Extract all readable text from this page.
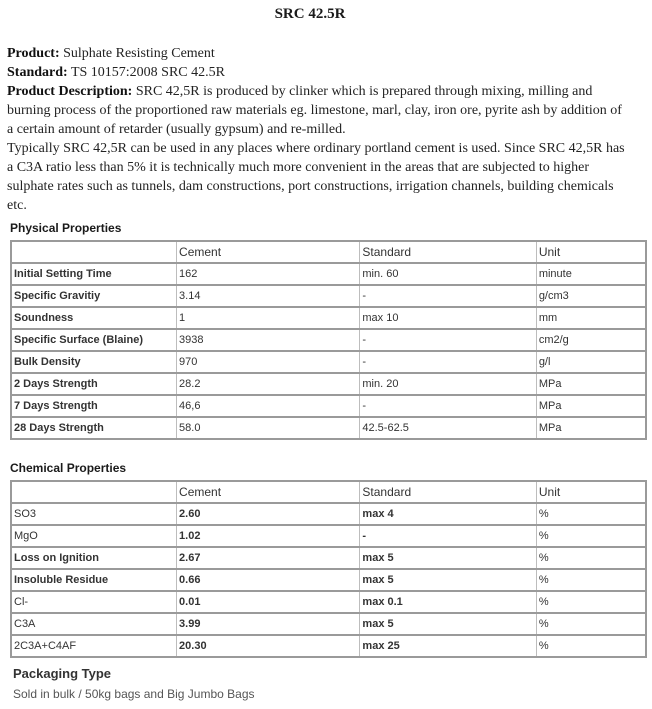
SRC 42.5R

Product: Sulphate Resisting Cement

Standard: TS 10157:2008 SRC 42.5R

Product Description: SRC 42,5R is produced by clinker which is prepared through mixing, milling and burning process of the proportioned raw materials eg. limestone, marl, clay, iron ore, pyrite ash by addition of a certain amount of retarder (usually gypsum) and re-milled.

Typically SRC 42,5R can be used in any places where ordinary portland cement is used. Since SRC 42,5R has a C3A ratio less than 5% it is technically much more convenient in the areas that are subjected to higher sulphate rates such as tunnels, dam constructions, port constructions, irrigation channels, building chemicals etc.

Physical Properties
	Cement	Standard	Unit
Initial Setting Time	162	min. 60	minute
Specific Gravitiy	3.14	-	g/cm3
Soundness	1	max 10	mm
Specific Surface (Blaine)	3938	-	cm2/g
Bulk Density	970	-	g/l
2 Days Strength	28.2	min. 20	MPa
7 Days Strength	46,6	-	MPa
28 Days Strength	58.0	42.5-62.5	MPa
Chemical Properties
	Cement	Standard	Unit
SO3	2.60	max 4	%
MgO	1.02	-	%
Loss on Ignition	2.67	max 5	%
Insoluble Residue	0.66	max 5	%
Cl-	0.01	max 0.1	%
C3A	3.99	max 5	%
2C3A+C4AF	20.30	max 25	%
Packaging Type
Sold in bulk / 50kg bags and Big Jumbo Bags
